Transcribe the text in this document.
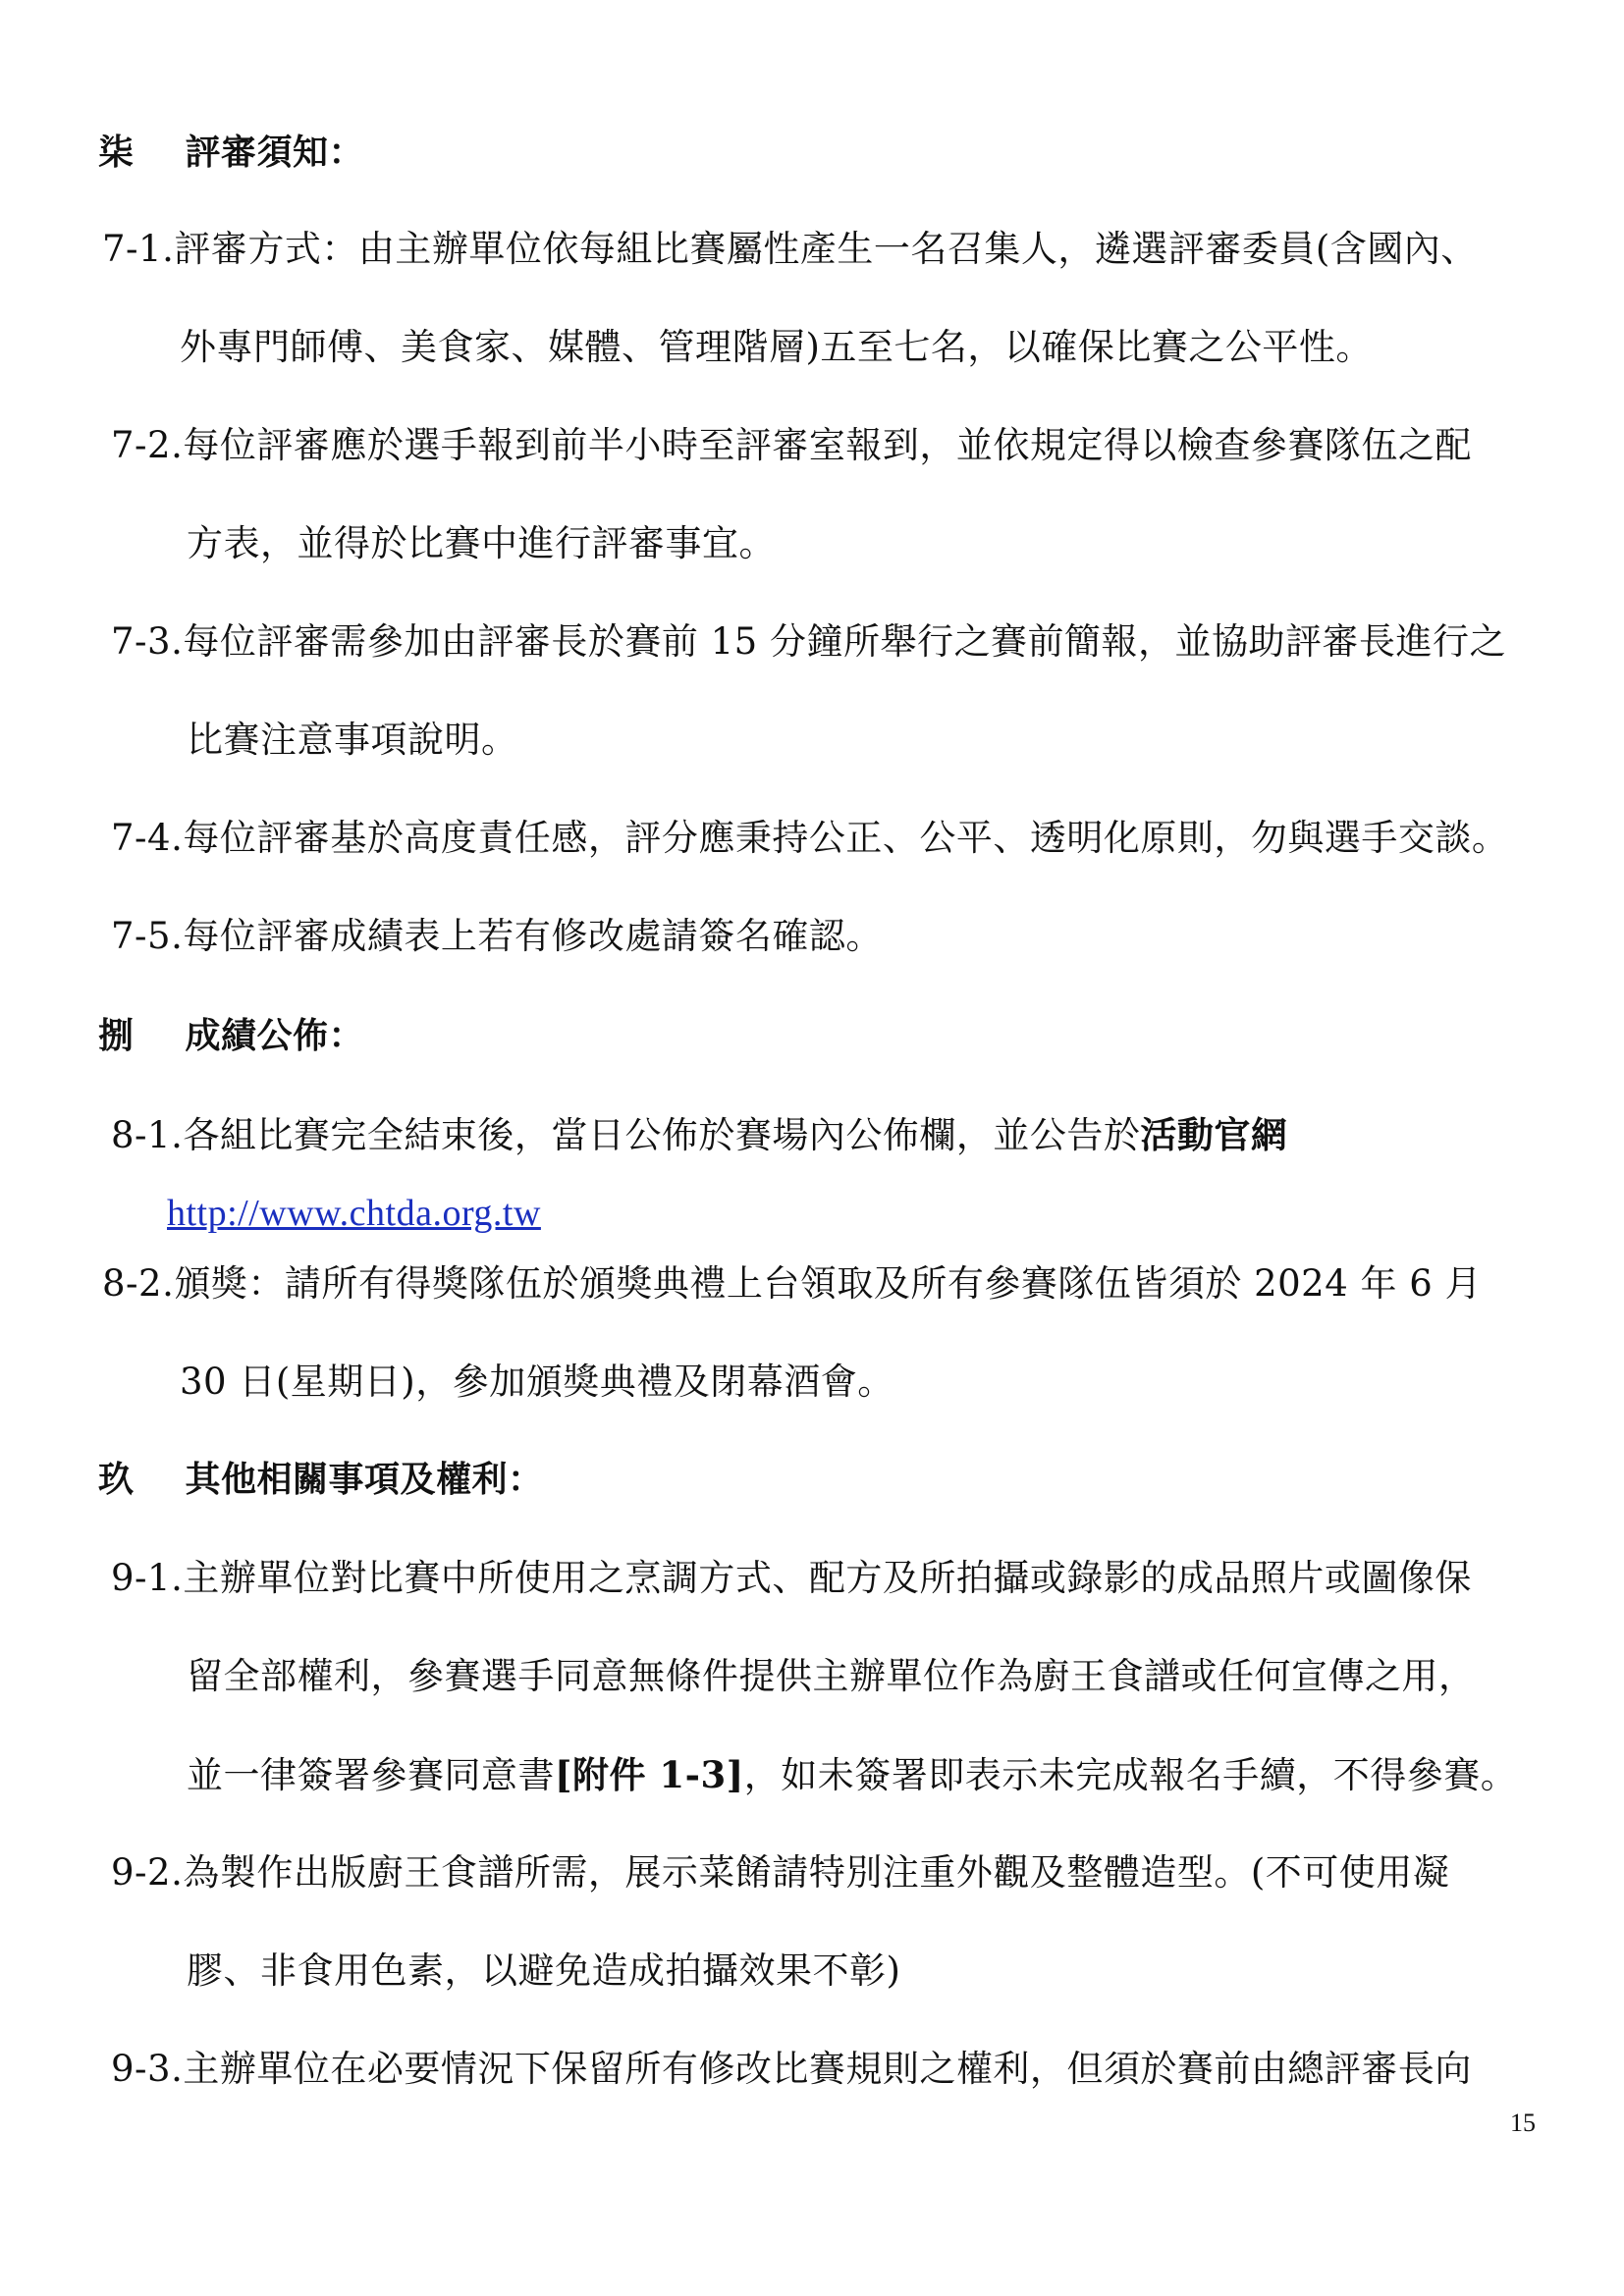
柒 評審須知：
7-1.評審方式：由主辦單位依每組比賽屬性產生一名召集人，遴選評審委員(含國內、
外專門師傅、美食家、媒體、管理階層)五至七名，以確保比賽之公平性。
7-2.每位評審應於選手報到前半小時至評審室報到，並依規定得以檢查參賽隊伍之配
方表，並得於比賽中進行評審事宜。
7-3.每位評審需參加由評審長於賽前 15 分鐘所舉行之賽前簡報，並協助評審長進行之
比賽注意事項說明。
7-4.每位評審基於高度責任感，評分應秉持公正、公平、透明化原則，勿與選手交談。
7-5.每位評審成績表上若有修改處請簽名確認。
捌 成績公佈：
8-1.各組比賽完全結束後，當日公佈於賽場內公佈欄，並公告於活動官網
http://www.chtda.org.tw
8-2.頒獎：請所有得獎隊伍於頒獎典禮上台領取及所有參賽隊伍皆須於 2024 年 6 月
30 日(星期日)，參加頒獎典禮及閉幕酒會。
玖 其他相關事項及權利：
9-1.主辦單位對比賽中所使用之烹調方式、配方及所拍攝或錄影的成品照片或圖像保
留全部權利，參賽選手同意無條件提供主辦單位作為廚王食譜或任何宣傳之用，
並一律簽署參賽同意書[附件 1-3]，如未簽署即表示未完成報名手續，不得參賽。
9-2.為製作出版廚王食譜所需，展示菜餚請特別注重外觀及整體造型。(不可使用凝
膠、非食用色素，以避免造成拍攝效果不彰)
9-3.主辦單位在必要情況下保留所有修改比賽規則之權利，但須於賽前由總評審長向
15
